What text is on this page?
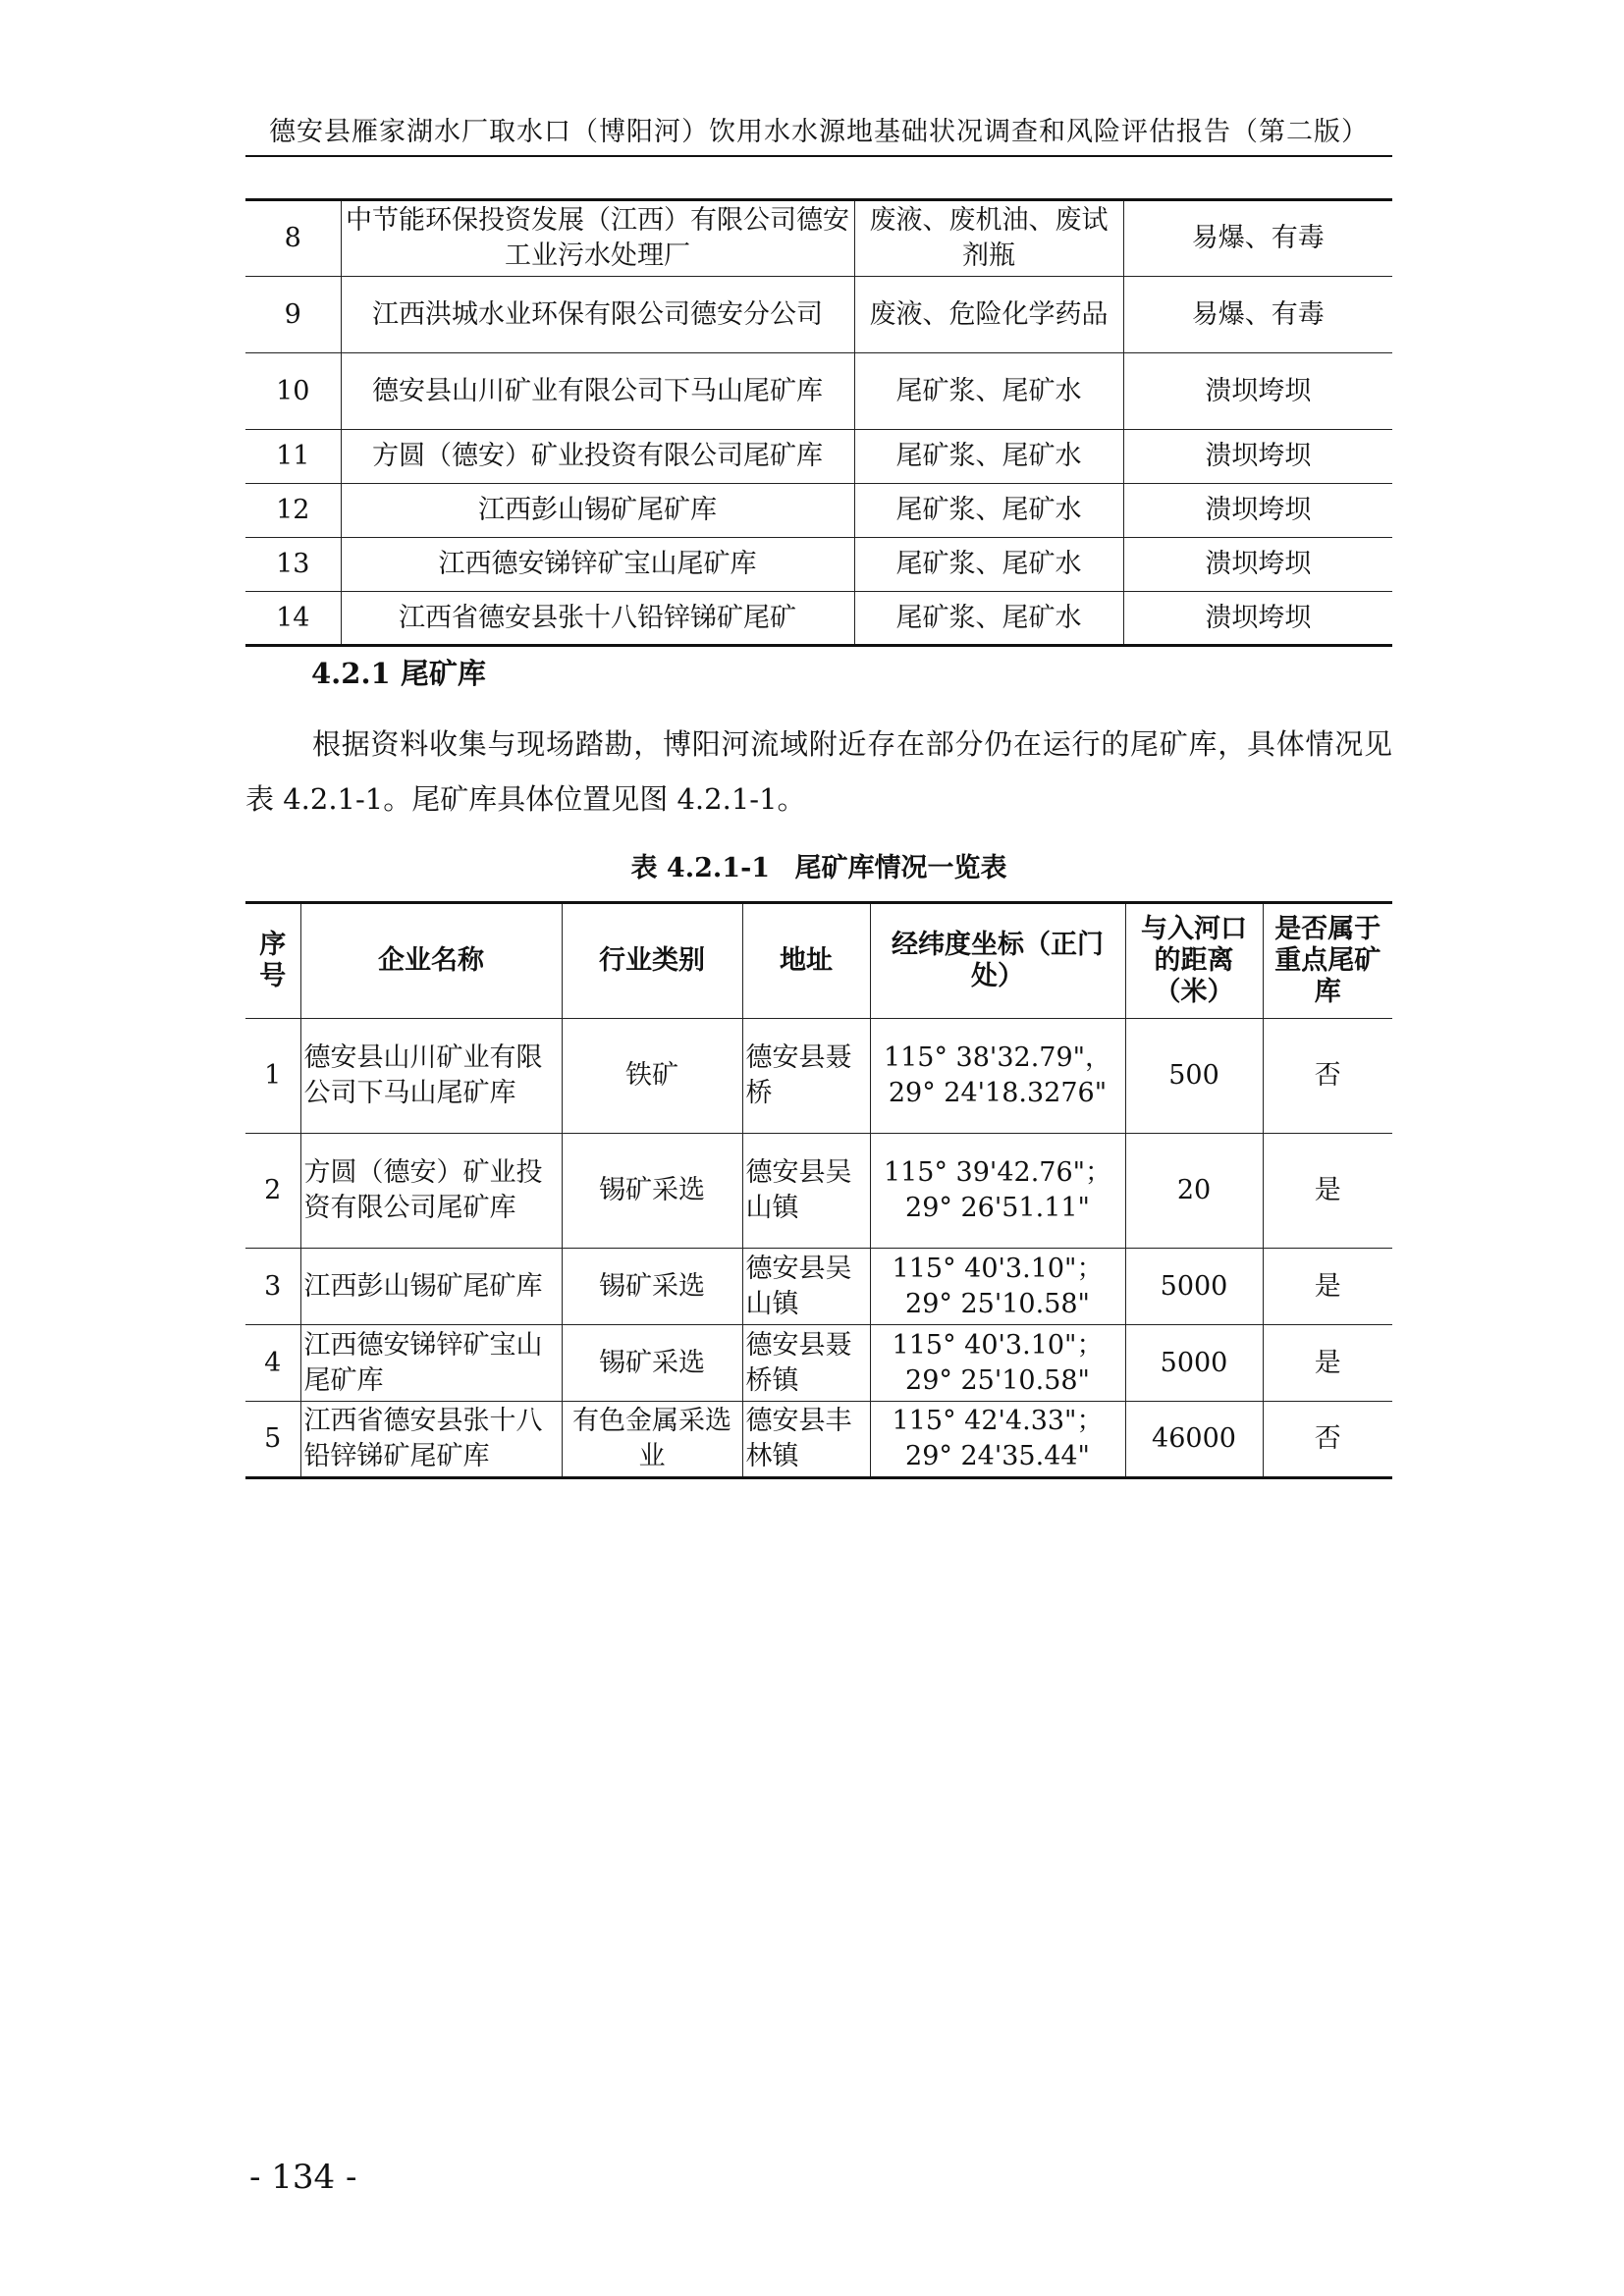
德安县雁家湖水厂取水口（博阳河）饮用水水源地基础状况调查和风险评估报告（第二版）
8	中节能环保投资发展（江西）有限公司德安工业污水处理厂	废液、废机油、废试剂瓶	易爆、有毒
9	江西洪城水业环保有限公司德安分公司	废液、危险化学药品	易爆、有毒
10	德安县山川矿业有限公司下马山尾矿库	尾矿浆、尾矿水	溃坝垮坝
11	方圆（德安）矿业投资有限公司尾矿库	尾矿浆、尾矿水	溃坝垮坝
12	江西彭山锡矿尾矿库	尾矿浆、尾矿水	溃坝垮坝
13	江西德安锑锌矿宝山尾矿库	尾矿浆、尾矿水	溃坝垮坝
14	江西省德安县张十八铅锌锑矿尾矿	尾矿浆、尾矿水	溃坝垮坝
4.2.1 尾矿库
根据资料收集与现场踏勘，博阳河流域附近存在部分仍在运行的尾矿库，具体情况见表 4.2.1-1。尾矿库具体位置见图 4.2.1-1。
表 4.2.1-1 尾矿库情况一览表
序号	企业名称	行业类别	地址	经纬度坐标（正门处）	与入河口的距离（米）	是否属于重点尾矿库
1	德安县山川矿业有限公司下马山尾矿库	铁矿	德安县聂桥	115° 38'32.79"，
29° 24'18.3276"	500	否
2	方圆（德安）矿业投资有限公司尾矿库	锡矿采选	德安县吴山镇	115° 39'42.76"；
29° 26'51.11"	20	是
3	江西彭山锡矿尾矿库	锡矿采选	德安县吴山镇	115° 40'3.10"；
29° 25'10.58"	5000	是
4	江西德安锑锌矿宝山尾矿库	锡矿采选	德安县聂桥镇	115° 40'3.10"；
29° 25'10.58"	5000	是
5	江西省德安县张十八铅锌锑矿尾矿库	有色金属采选业	德安县丰林镇	115° 42'4.33"；
29° 24'35.44"	46000	否
- 134 -
